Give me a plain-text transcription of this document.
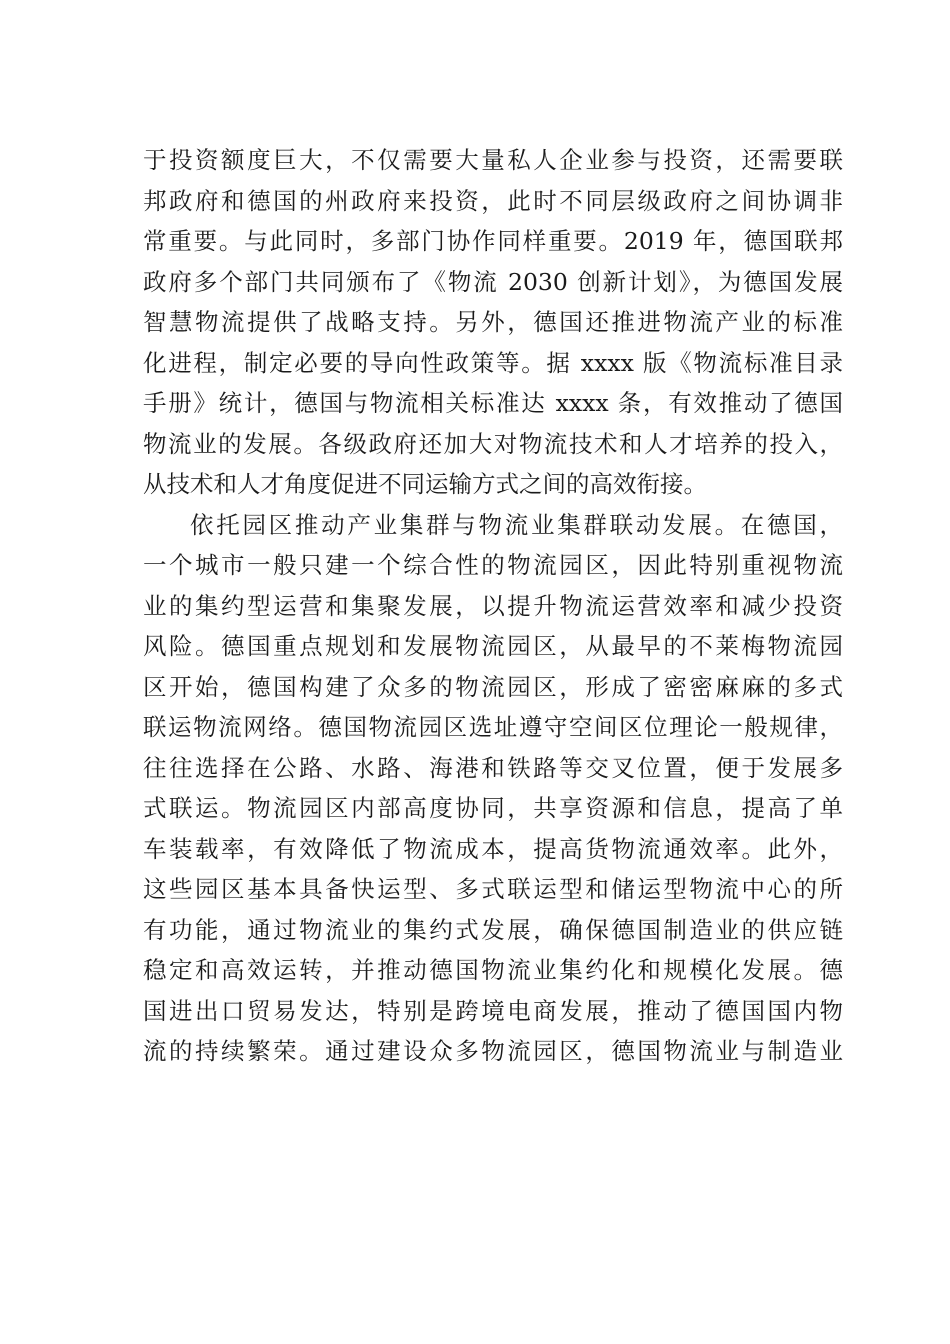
于投资额度巨大，不仅需要大量私人企业参与投资，还需要联
邦政府和德国的州政府来投资，此时不同层级政府之间协调非
常重要。与此同时，多部门协作同样重要。2019 年，德国联邦
政府多个部门共同颁布了《物流 2030 创新计划》，为德国发展
智慧物流提供了战略支持。另外，德国还推进物流产业的标准
化进程，制定必要的导向性政策等。据 xxxx 版《物流标准目录
手册》统计，德国与物流相关标准达 xxxx 条，有效推动了德国
物流业的发展。各级政府还加大对物流技术和人才培养的投入，
从技术和人才角度促进不同运输方式之间的高效衔接。
依托园区推动产业集群与物流业集群联动发展。在德国，
一个城市一般只建一个综合性的物流园区，因此特别重视物流
业的集约型运营和集聚发展，以提升物流运营效率和减少投资
风险。德国重点规划和发展物流园区，从最早的不莱梅物流园
区开始，德国构建了众多的物流园区，形成了密密麻麻的多式
联运物流网络。德国物流园区选址遵守空间区位理论一般规律，
往往选择在公路、水路、海港和铁路等交叉位置，便于发展多
式联运。物流园区内部高度协同，共享资源和信息，提高了单
车装载率，有效降低了物流成本，提高货物流通效率。此外，
这些园区基本具备快运型、多式联运型和储运型物流中心的所
有功能，通过物流业的集约式发展，确保德国制造业的供应链
稳定和高效运转，并推动德国物流业集约化和规模化发展。德
国进出口贸易发达，特别是跨境电商发展，推动了德国国内物
流的持续繁荣。通过建设众多物流园区，德国物流业与制造业
